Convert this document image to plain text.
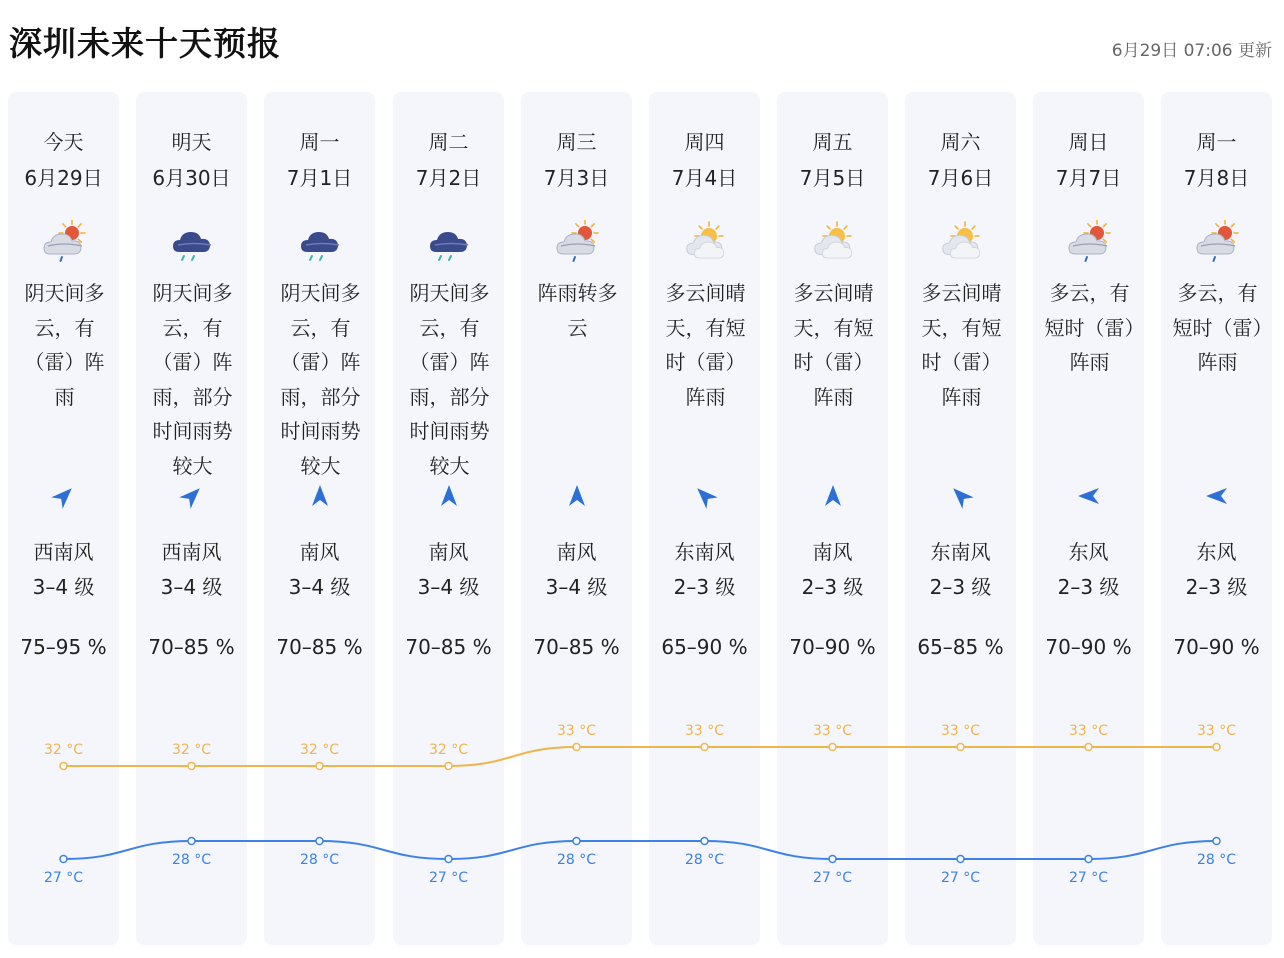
深圳未来十天预报	6月29日 07:06 更新
今天
6月29日
阴天间多云，有（雷）阵雨
西南风
3–4 级
75–95 %
明天
6月30日
阴天间多云，有（雷）阵雨，部分时间雨势较大
西南风
3–4 级
70–85 %
周一
7月1日
阴天间多云，有（雷）阵雨，部分时间雨势较大
南风
3–4 级
70–85 %
周二
7月2日
阴天间多云，有（雷）阵雨，部分时间雨势较大
南风
3–4 级
70–85 %
周三
7月3日
阵雨转多云
南风
3–4 级
70–85 %
周四
7月4日
多云间晴天，有短时（雷）阵雨
东南风
2–3 级
65–90 %
周五
7月5日
多云间晴天，有短时（雷）阵雨
南风
2–3 级
70–90 %
周六
7月6日
多云间晴天，有短时（雷）阵雨
东南风
2–3 级
65–85 %
周日
7月7日
多云，有短时（雷）阵雨
东风
2–3 级
70–90 %
周一
7月8日
多云，有短时（雷）阵雨
东风
2–3 级
70–90 %
32 °C	32 °C	32 °C	32 °C
33 °C	33 °C	33 °C	33 °C	33 °C	33 °C
27 °C
28 °C	28 °C
27 °C
28 °C	28 °C
27 °C	27 °C	27 °C
28 °C
